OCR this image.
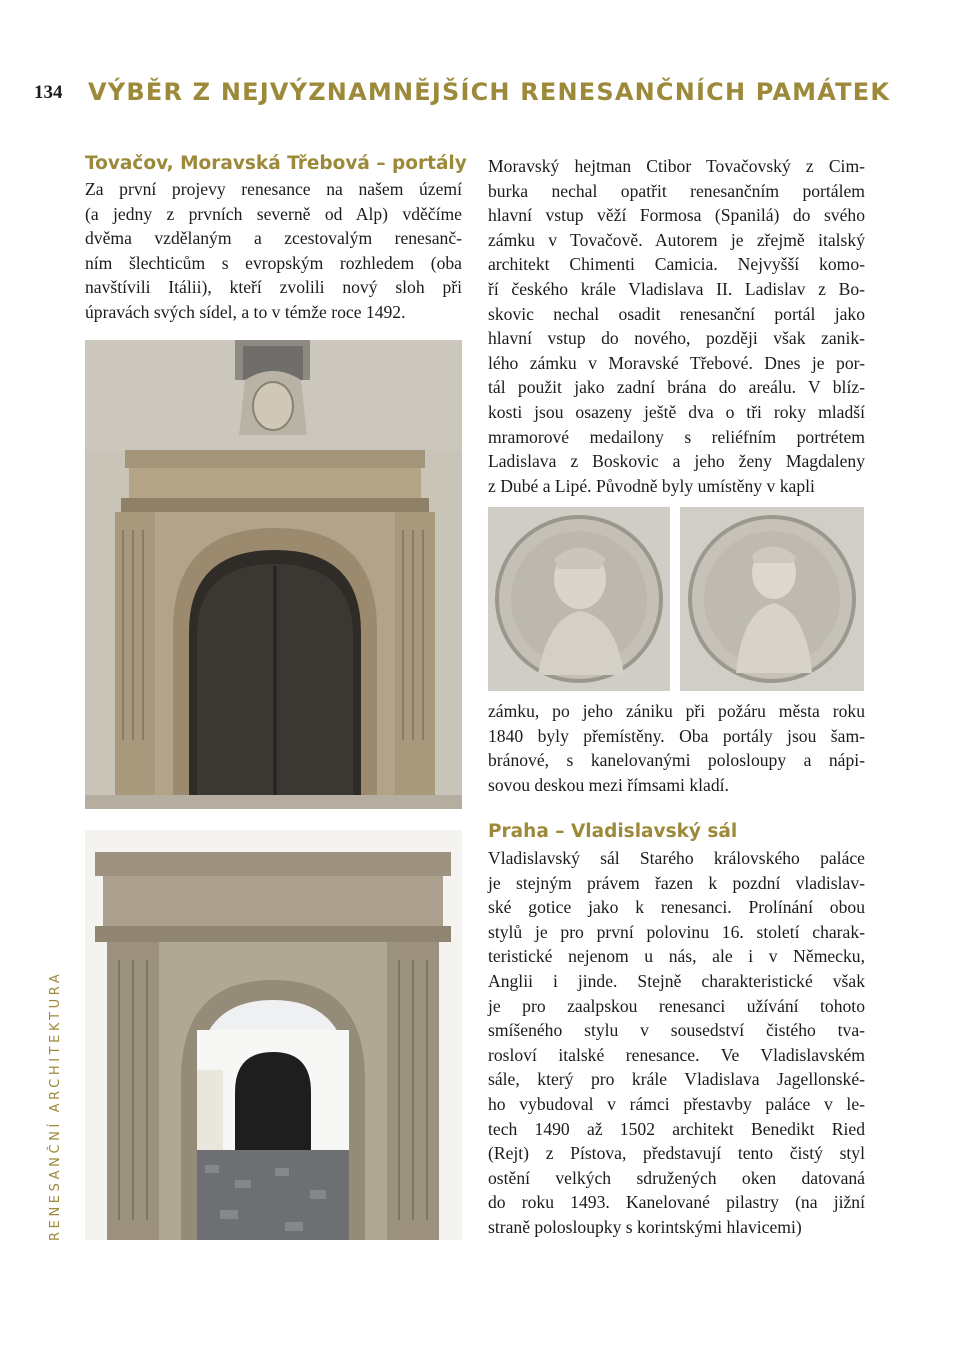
134 VÝBĚR Z NEJVÝZNAMNĚJŠÍCH RENESANČNÍCH PAMÁTEK
RENESANČNÍ ARCHITEKTURA
Tovačov, Moravská Třebová – portály
Za první projevy renesance na našem území
(a jedny z prvních severně od Alp) vděčíme
dvěma vzdělaným a zcestovalým renesanč-
ním šlechticům s evropským rozhledem (oba
navštívili Itálii), kteří zvolili nový sloh při
úpravách svých sídel, a to v témže roce 1492.
Moravský hejtman Ctibor Tovačovský z Cim-
burka nechal opatřit renesančním portálem
hlavní vstup věží Formosa (Spanilá) do svého
zámku v Tovačově. Autorem je zřejmě italský
architekt Chimenti Camicia. Nejvyšší komo-
ří českého krále Vladislava II. Ladislav z Bo-
skovic nechal osadit renesanční portál jako
hlavní vstup do nového, později však zanik-
lého zámku v Moravské Třebové. Dnes je por-
tál použit jako zadní brána do areálu. V blíz-
kosti jsou osazeny ještě dva o tři roky mladší
mramorové medailony s reliéfním portrétem
Ladislava z Boskovic a jeho ženy Magdaleny
z Dubé a Lipé. Původně byly umístěny v kapli
zámku, po jeho zániku při požáru města roku
1840 byly přemístěny. Oba portály jsou šam-
bránové, s kanelovanými polosloupy a nápi-
sovou deskou mezi římsami kladí.
Praha – Vladislavský sál
Vladislavský sál Starého královského paláce
je stejným právem řazen k pozdní vladislav-
ské gotice jako k renesanci. Prolínání obou
stylů je pro první polovinu 16. století charak-
teristické nejenom u nás, ale i v Německu,
Anglii i jinde. Stejně charakteristické však
je pro zaalpskou renesanci užívání tohoto
smíšeného stylu v sousedství čistého tva-
rosloví italské renesance. Ve Vladislavském
sále, který pro krále Vladislava Jagellonské-
ho vybudoval v rámci přestavby paláce v le-
tech 1490 až 1502 architekt Benedikt Ried
(Rejt) z Pístova, představují tento čistý styl
ostění velkých sdružených oken datovaná
do roku 1493. Kanelované pilastry (na jižní
straně polosloupky s korintskými hlavicemi)
